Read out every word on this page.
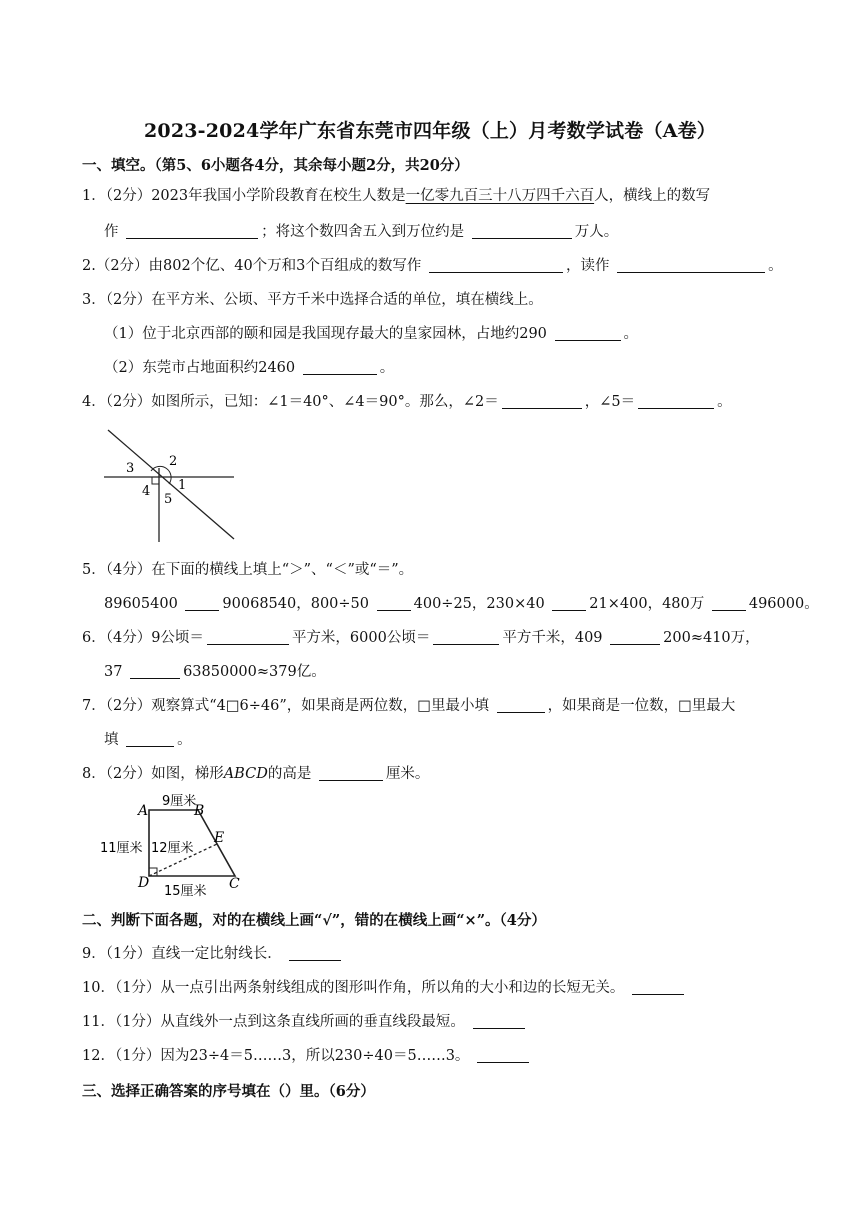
2023-2024学年广东省东莞市四年级（上）月考数学试卷（A卷）
一、填空。（第5、6小题各4分，其余每小题2分，共20分）
1．（2分）2023年我国小学阶段教育在校生人数是一亿零九百三十八万四千六百人，横线上的数写
作	；将这个数四舍五入到万位约是	万人。
2.（2分）由802个亿、40个万和3个百组成的数写作	，读作	。
3．（2分）在平方米、公顷、平方千米中选择合适的单位，填在横线上。
（1）位于北京西部的颐和园是我国现存最大的皇家园林，占地约290	。
（2）东莞市占地面积约2460	。
4．（2分）如图所示，已知：∠1＝40°、∠4＝90°。那么，∠2＝	，∠5＝	。
3	2
1
4
5
5．（4分）在下面的横线上填上“＞”、“＜”或“＝”。
89605400	90068540，800÷50	400÷25，230×40	21×400，480万	496000。
6．（4分）9公顷＝	平方米，6000公顷＝	平方千米，409	200≈410万，
37	63850000≈379亿。
7．（2分）观察算式“4□6÷46”，如果商是两位数，□里最小填	，如果商是一位数，□里最大
填	。
8．（2分）如图，梯形ABCD的高是	厘米。
A	B
D	C
E
9厘米
11厘米 12厘米
15厘米
二、判断下面各题，对的在横线上画“√”，错的在横线上画“×”。（4分）
9．（1分）直线一定比射线长．
10．（1分）从一点引出两条射线组成的图形叫作角，所以角的大小和边的长短无关。
11．（1分）从直线外一点到这条直线所画的垂直线段最短。
12．（1分）因为23÷4＝5……3，所以230÷40＝5……3。
三、选择正确答案的序号填在（）里。（6分）
